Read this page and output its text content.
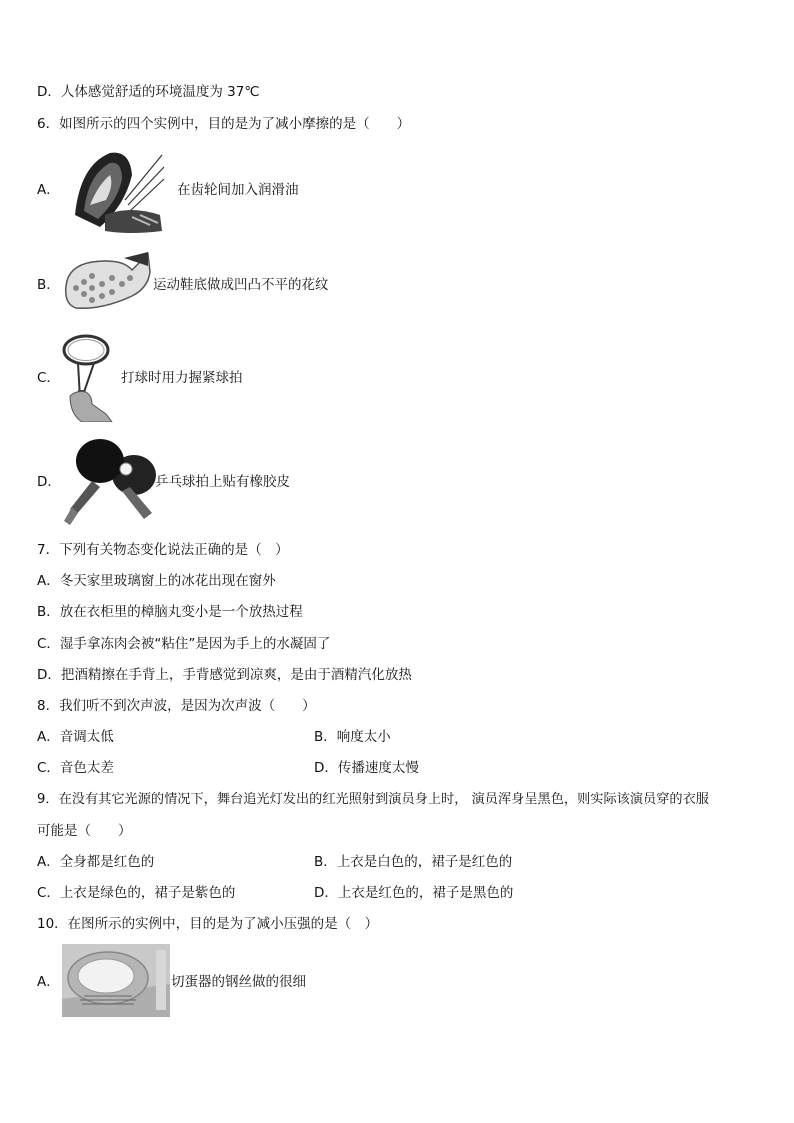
D．人体感觉舒适的环境温度为 37℃
6．如图所示的四个实例中，目的是为了减小摩擦的是（　　）
A．	在齿轮间加入润滑油
B．	运动鞋底做成凹凸不平的花纹
C．	打球时用力握紧球拍
D．	乒乓球拍上贴有橡胶皮
7．下列有关物态变化说法正确的是（　）
A．冬天家里玻璃窗上的冰花出现在窗外
B．放在衣柜里的樟脑丸变小是一个放热过程
C．湿手拿冻肉会被“粘住”是因为手上的水凝固了
D．把酒精擦在手背上，手背感觉到凉爽，是由于酒精汽化放热
8．我们听不到次声波，是因为次声波（　　）
A．音调太低	B．响度太小
C．音色太差	D．传播速度太慢
9．在没有其它光源的情况下，舞台追光灯发出的红光照射到演员身上时， 演员浑身呈黑色，则实际该演员穿的衣服
可能是（　　）
A．全身都是红色的	B．上衣是白色的，裙子是红色的
C．上衣是绿色的，裙子是紫色的	D．上衣是红色的，裙子是黑色的
10．在图所示的实例中，目的是为了减小压强的是（　）
A．	切蛋器的钢丝做的很细
